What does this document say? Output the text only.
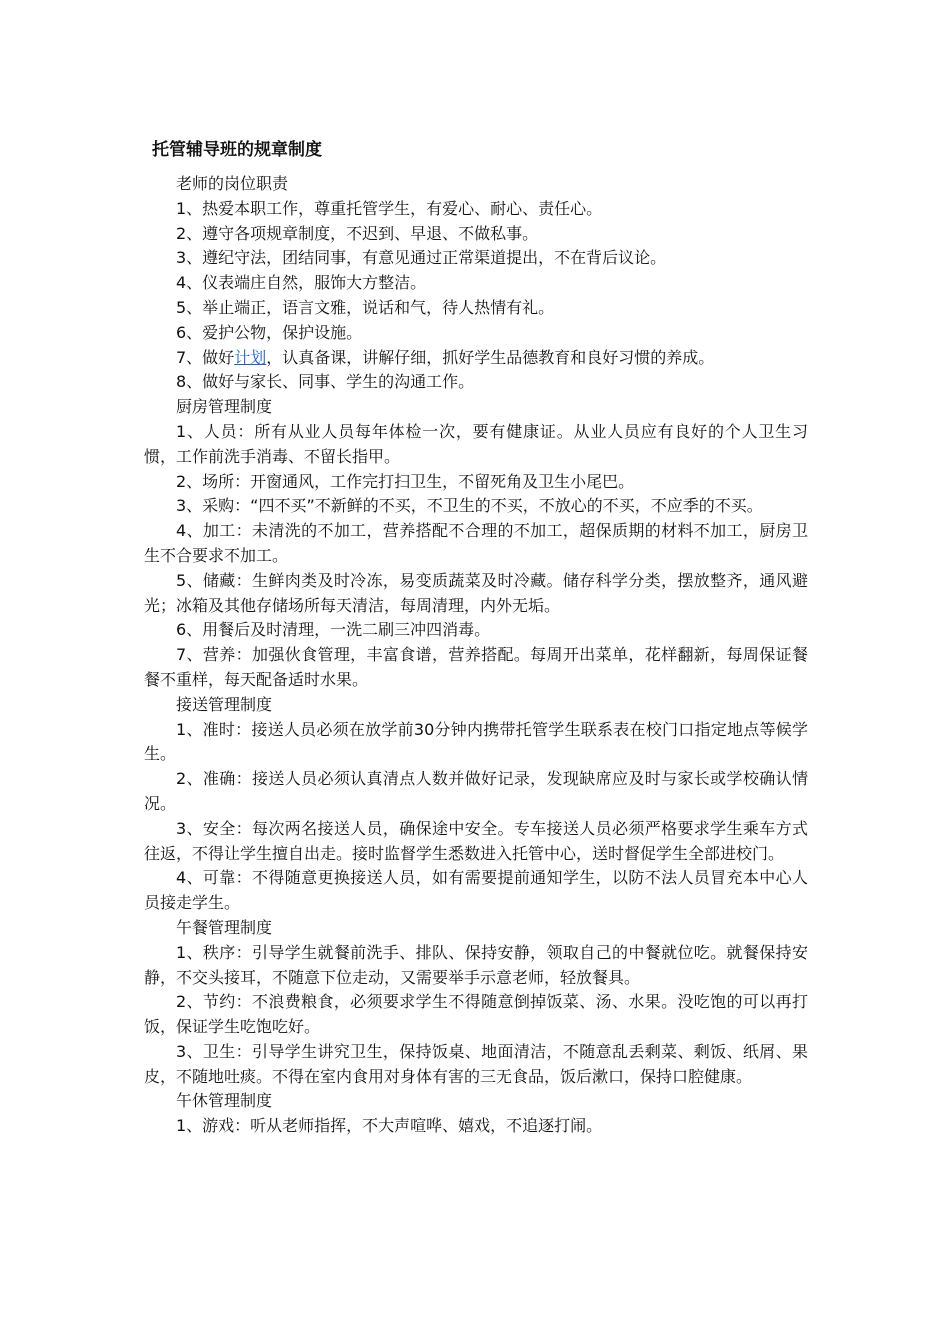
托管辅导班的规章制度

老师的岗位职责

1、热爱本职工作，尊重托管学生，有爱心、耐心、责任心。

2、遵守各项规章制度，不迟到、早退、不做私事。

3、遵纪守法，团结同事，有意见通过正常渠道提出，不在背后议论。

4、仪表端庄自然，服饰大方整洁。

5、举止端正，语言文雅，说话和气，待人热情有礼。

6、爱护公物，保护设施。

7、做好计划，认真备课，讲解仔细，抓好学生品德教育和良好习惯的养成。

8、做好与家长、同事、学生的沟通工作。

厨房管理制度

1、人员：所有从业人员每年体检一次，要有健康证。从业人员应有良好的个人卫生习惯，工作前洗手消毒、不留长指甲。

2、场所：开窗通风，工作完打扫卫生，不留死角及卫生小尾巴。

3、采购：“四不买”不新鲜的不买，不卫生的不买，不放心的不买，不应季的不买。

4、加工：未清洗的不加工，营养搭配不合理的不加工，超保质期的材料不加工，厨房卫生不合要求不加工。

5、储藏：生鲜肉类及时冷冻，易变质蔬菜及时冷藏。储存科学分类，摆放整齐，通风避光；冰箱及其他存储场所每天清洁，每周清理，内外无垢。

6、用餐后及时清理，一洗二刷三冲四消毒。

7、营养：加强伙食管理，丰富食谱，营养搭配。每周开出菜单，花样翻新，每周保证餐餐不重样，每天配备适时水果。

接送管理制度

1、准时：接送人员必须在放学前30分钟内携带托管学生联系表在校门口指定地点等候学生。

2、准确：接送人员必须认真清点人数并做好记录，发现缺席应及时与家长或学校确认情况。

3、安全：每次两名接送人员，确保途中安全。专车接送人员必须严格要求学生乘车方式往返，不得让学生擅自出走。接时监督学生悉数进入托管中心，送时督促学生全部进校门。

4、可靠：不得随意更换接送人员，如有需要提前通知学生，以防不法人员冒充本中心人员接走学生。

午餐管理制度

1、秩序：引导学生就餐前洗手、排队、保持安静，领取自己的中餐就位吃。就餐保持安静，不交头接耳，不随意下位走动，又需要举手示意老师，轻放餐具。

2、节约：不浪费粮食，必须要求学生不得随意倒掉饭菜、汤、水果。没吃饱的可以再打饭，保证学生吃饱吃好。

3、卫生：引导学生讲究卫生，保持饭桌、地面清洁，不随意乱丢剩菜、剩饭、纸屑、果皮，不随地吐痰。不得在室内食用对身体有害的三无食品，饭后漱口，保持口腔健康。

午休管理制度

1、游戏：听从老师指挥，不大声喧哗、嬉戏，不追逐打闹。
